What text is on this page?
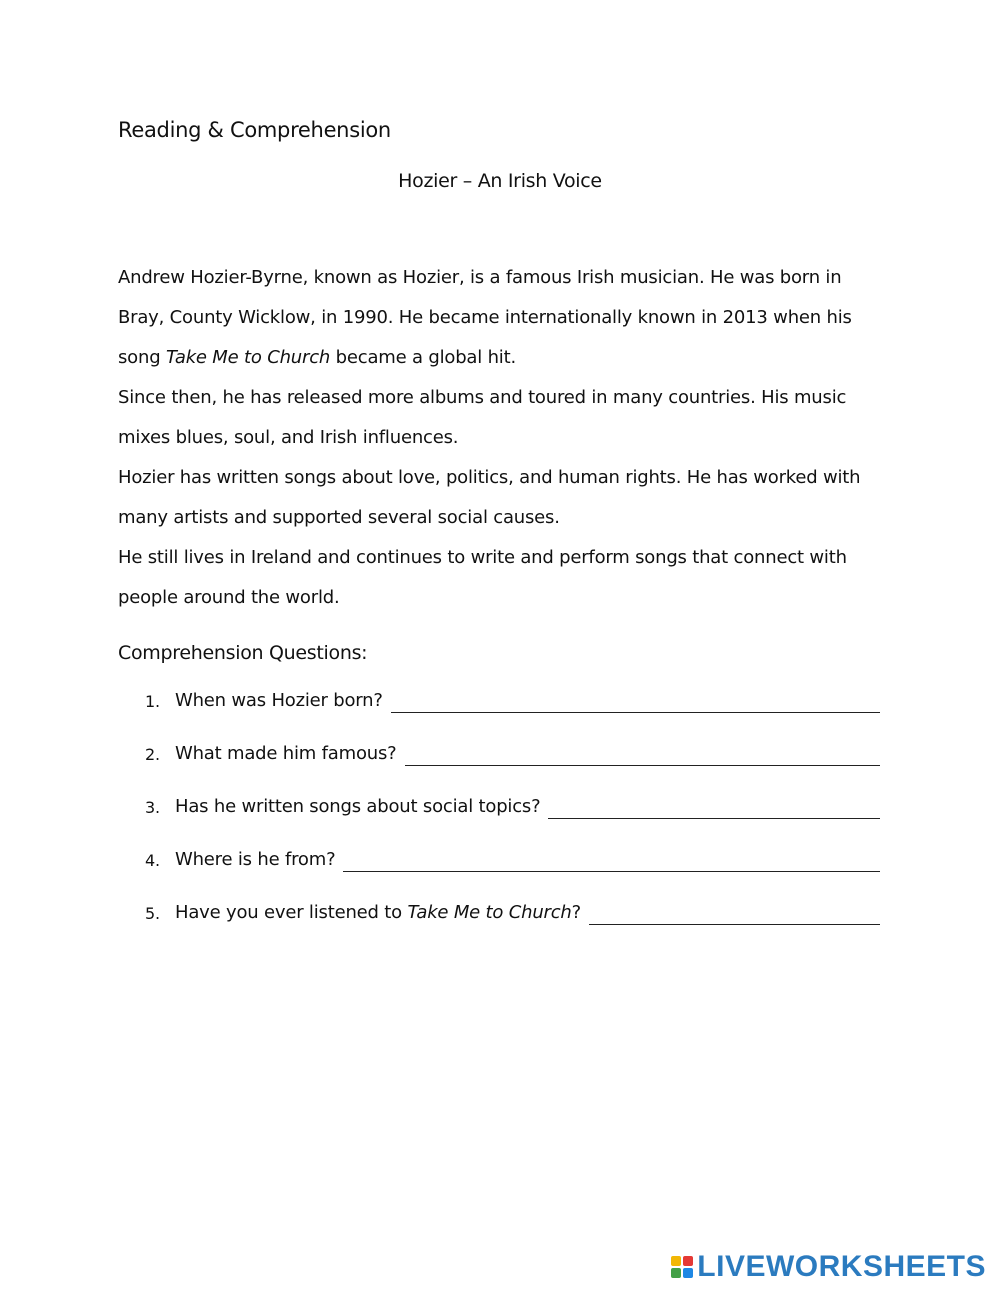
Reading & Comprehension
Hozier – An Irish Voice

Andrew Hozier-Byrne, known as Hozier, is a famous Irish musician. He was born in Bray, County Wicklow, in 1990. He became internationally known in 2013 when his song Take Me to Church became a global hit.

Since then, he has released more albums and toured in many countries. His music mixes blues, soul, and Irish influences.

Hozier has written songs about love, politics, and human rights. He has worked with many artists and supported several social causes.

He still lives in Ireland and continues to write and perform songs that connect with people around the world.

Comprehension Questions:
1. When was Hozier born?
2. What made him famous?
3. Has he written songs about social topics?
4. Where is he from?
5. Have you ever listened to Take Me to Church?
LIVEWORKSHEETS
